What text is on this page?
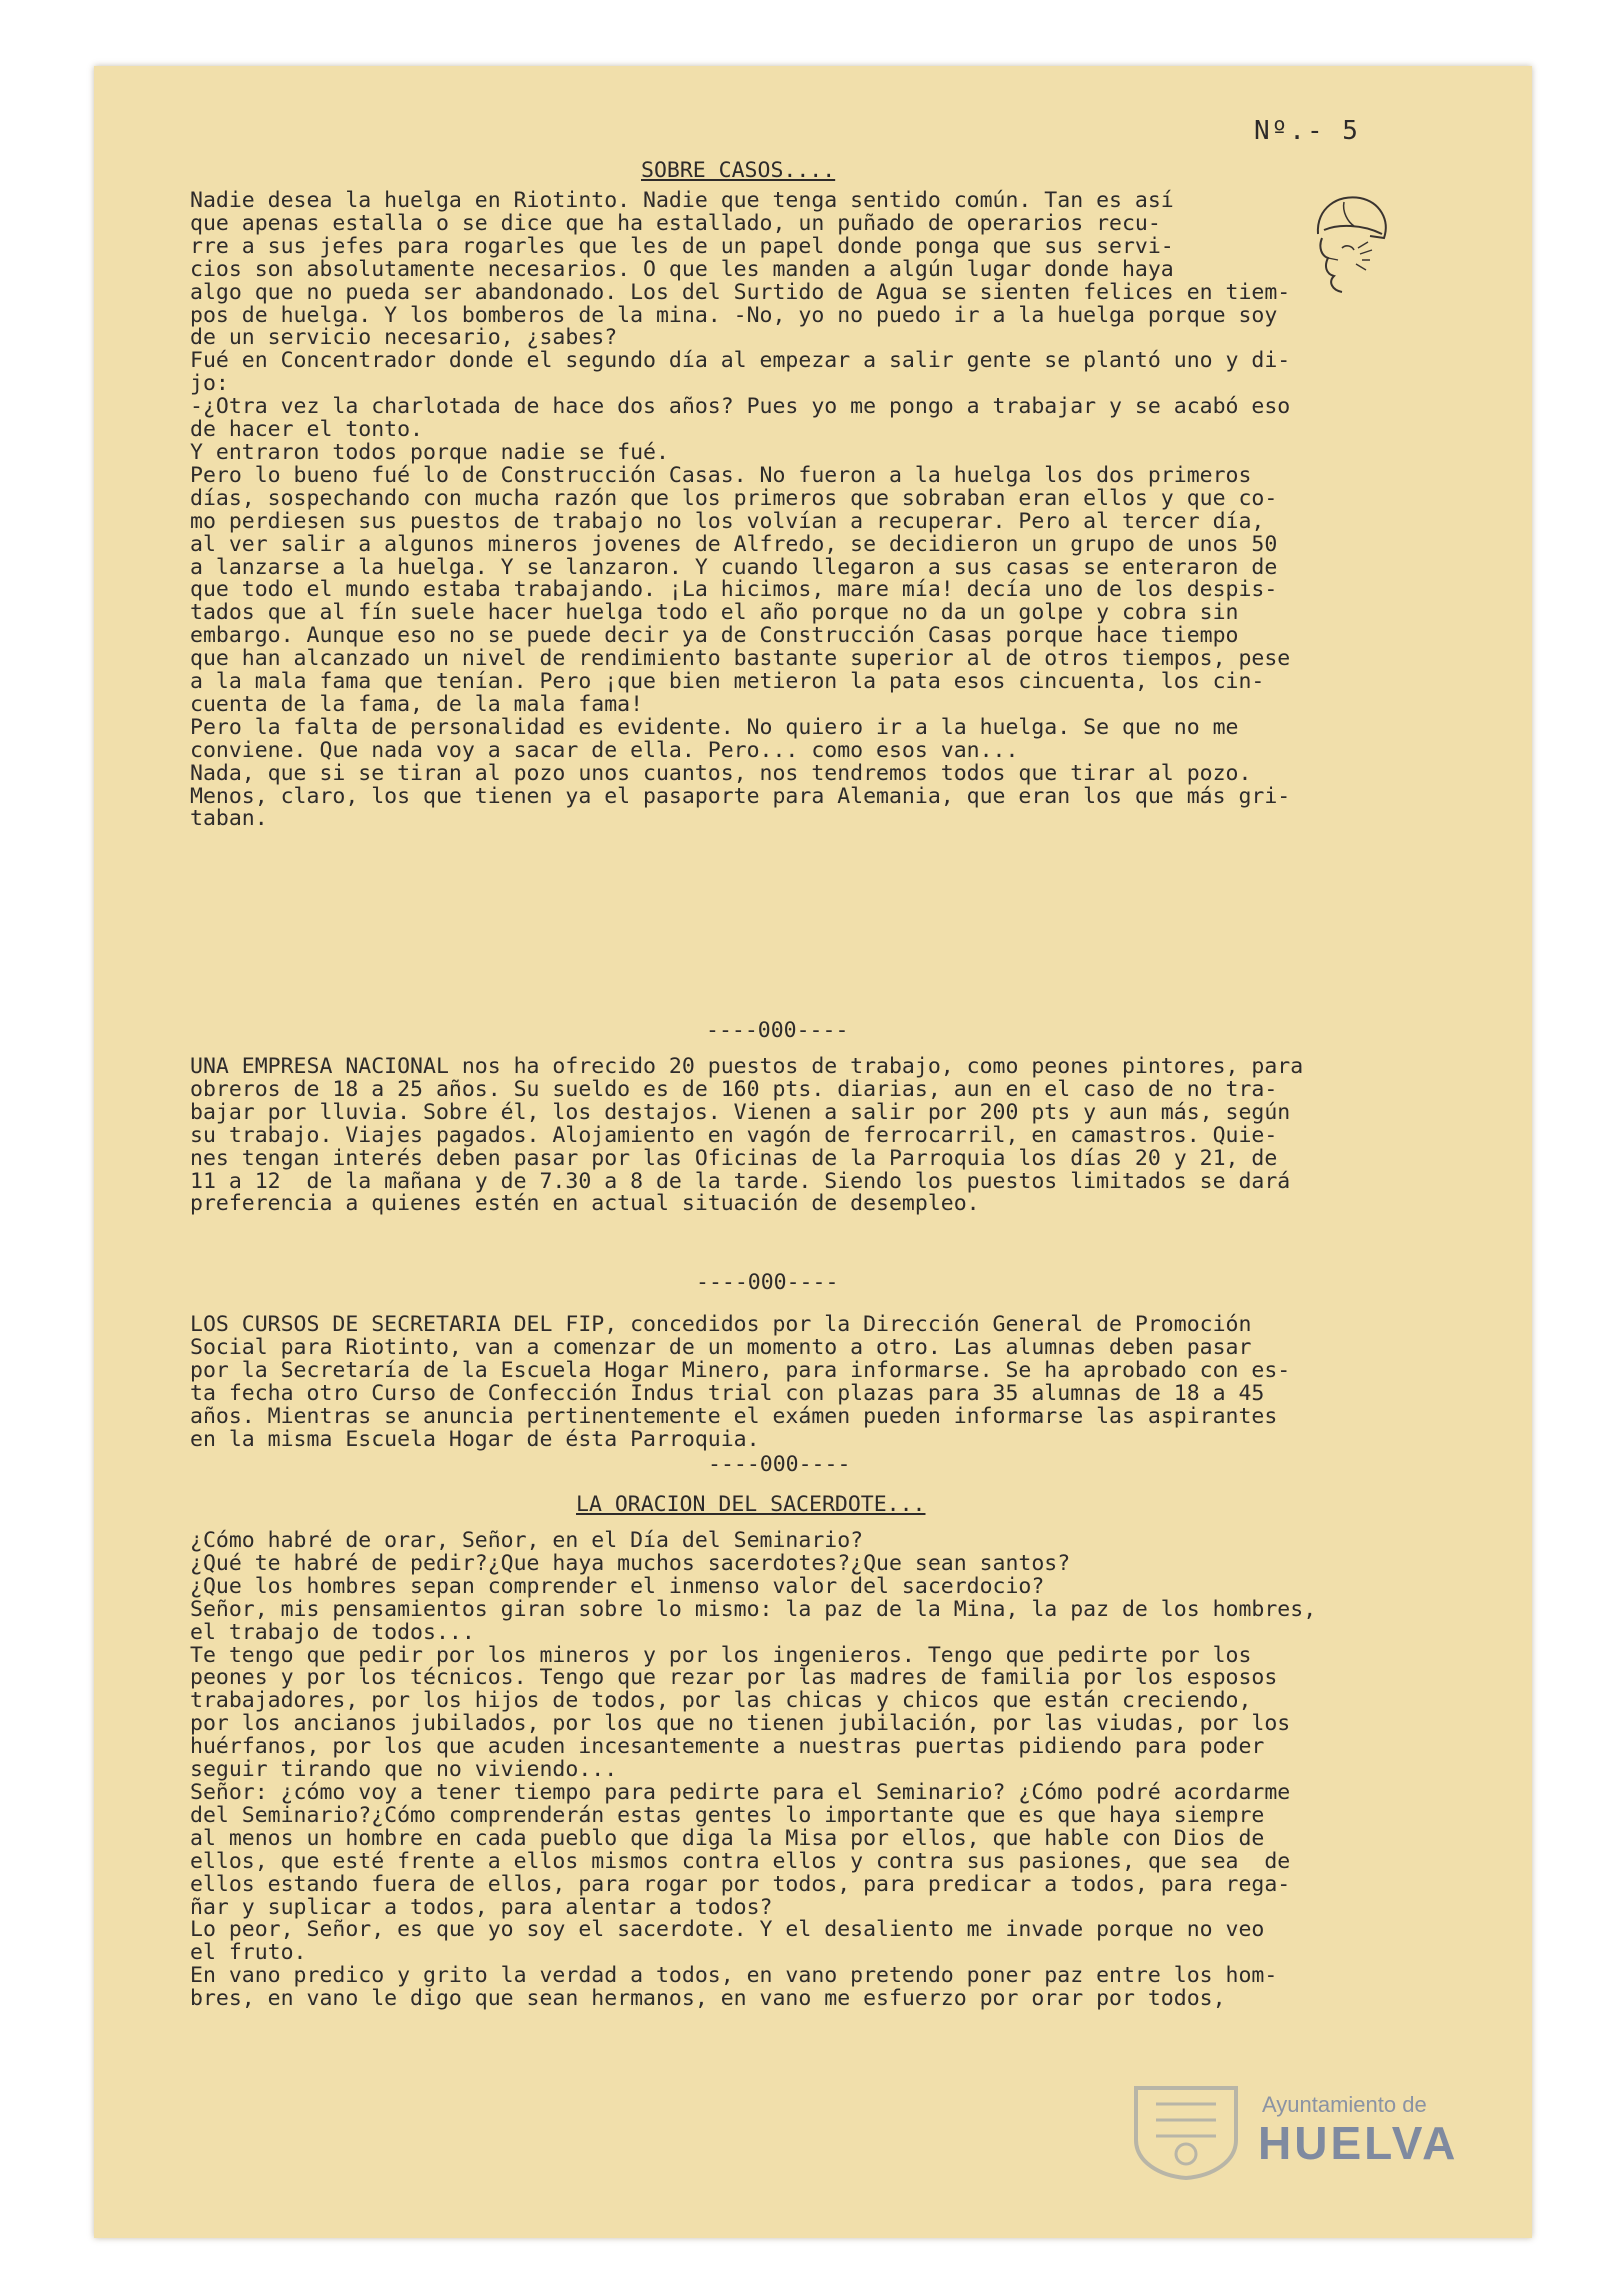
Nº.- 5
SOBRE CASOS....
Nadie desea la huelga en Riotinto. Nadie que tenga sentido común. Tan es así
que apenas estalla o se dice que ha estallado, un puñado de operarios recu-
rre a sus jefes para rogarles que les de un papel donde ponga que sus servi-
cios son absolutamente necesarios. O que les manden a algún lugar donde haya
algo que no pueda ser abandonado. Los del Surtido de Agua se sienten felices en tiem-
pos de huelga. Y los bomberos de la mina. -No, yo no puedo ir a la huelga porque soy
de un servicio necesario, ¿sabes?
Fué en Concentrador donde el segundo día al empezar a salir gente se plantó uno y di-
jo:
-¿Otra vez la charlotada de hace dos años? Pues yo me pongo a trabajar y se acabó eso
de hacer el tonto.
Y entraron todos porque nadie se fué.
Pero lo bueno fué lo de Construcción Casas. No fueron a la huelga los dos primeros
días, sospechando con mucha razón que los primeros que sobraban eran ellos y que co-
mo perdiesen sus puestos de trabajo no los volvían a recuperar. Pero al tercer día,
al ver salir a algunos mineros jovenes de Alfredo, se decidieron un grupo de unos 50
a lanzarse a la huelga. Y se lanzaron. Y cuando llegaron a sus casas se enteraron de
que todo el mundo estaba trabajando. ¡La hicimos, mare mía! decía uno de los despis-
tados que al fín suele hacer huelga todo el año porque no da un golpe y cobra sin
embargo. Aunque eso no se puede decir ya de Construcción Casas porque hace tiempo
que han alcanzado un nivel de rendimiento bastante superior al de otros tiempos, pese
a la mala fama que tenían. Pero ¡que bien metieron la pata esos cincuenta, los cin-
cuenta de la fama, de la mala fama!
Pero la falta de personalidad es evidente. No quiero ir a la huelga. Se que no me
conviene. Que nada voy a sacar de ella. Pero... como esos van...
Nada, que si se tiran al pozo unos cuantos, nos tendremos todos que tirar al pozo.
Menos, claro, los que tienen ya el pasaporte para Alemania, que eran los que más gri-
taban.
----000----
UNA EMPRESA NACIONAL nos ha ofrecido 20 puestos de trabajo, como peones pintores, para
obreros de 18 a 25 años. Su sueldo es de 160 pts. diarias, aun en el caso de no tra-
bajar por lluvia. Sobre él, los destajos. Vienen a salir por 200 pts y aun más, según
su trabajo. Viajes pagados. Alojamiento en vagón de ferrocarril, en camastros. Quie-
nes tengan interés deben pasar por las Oficinas de la Parroquia los días 20 y 21, de
11 a 12  de la mañana y de 7.30 a 8 de la tarde. Siendo los puestos limitados se dará
preferencia a quienes estén en actual situación de desempleo.
----000----
LOS CURSOS DE SECRETARIA DEL FIP, concedidos por la Dirección General de Promoción
Social para Riotinto, van a comenzar de un momento a otro. Las alumnas deben pasar
por la Secretaría de la Escuela Hogar Minero, para informarse. Se ha aprobado con es-
ta fecha otro Curso de Confección Indus trial con plazas para 35 alumnas de 18 a 45
años. Mientras se anuncia pertinentemente el exámen pueden informarse las aspirantes
en la misma Escuela Hogar de ésta Parroquia.
----000----
LA ORACION DEL SACERDOTE...
¿Cómo habré de orar, Señor, en el Día del Seminario?
¿Qué te habré de pedir?¿Que haya muchos sacerdotes?¿Que sean santos?
¿Que los hombres sepan comprender el inmenso valor del sacerdocio?
Señor, mis pensamientos giran sobre lo mismo: la paz de la Mina, la paz de los hombres,
el trabajo de todos...
Te tengo que pedir por los mineros y por los ingenieros. Tengo que pedirte por los
peones y por los técnicos. Tengo que rezar por las madres de familia por los esposos
trabajadores, por los hijos de todos, por las chicas y chicos que están creciendo,
por los ancianos jubilados, por los que no tienen jubilación, por las viudas, por los
huérfanos, por los que acuden incesantemente a nuestras puertas pidiendo para poder
seguir tirando que no viviendo...
Señor: ¿cómo voy a tener tiempo para pedirte para el Seminario? ¿Cómo podré acordarme
del Seminario?¿Cómo comprenderán estas gentes lo importante que es que haya siempre
al menos un hombre en cada pueblo que diga la Misa por ellos, que hable con Dios de
ellos, que esté frente a ellos mismos contra ellos y contra sus pasiones, que sea  de
ellos estando fuera de ellos, para rogar por todos, para predicar a todos, para rega-
ñar y suplicar a todos, para alentar a todos?
Lo peor, Señor, es que yo soy el sacerdote. Y el desaliento me invade porque no veo
el fruto.
En vano predico y grito la verdad a todos, en vano pretendo poner paz entre los hom-
bres, en vano le digo que sean hermanos, en vano me esfuerzo por orar por todos,
Ayuntamiento de
HUELVA
